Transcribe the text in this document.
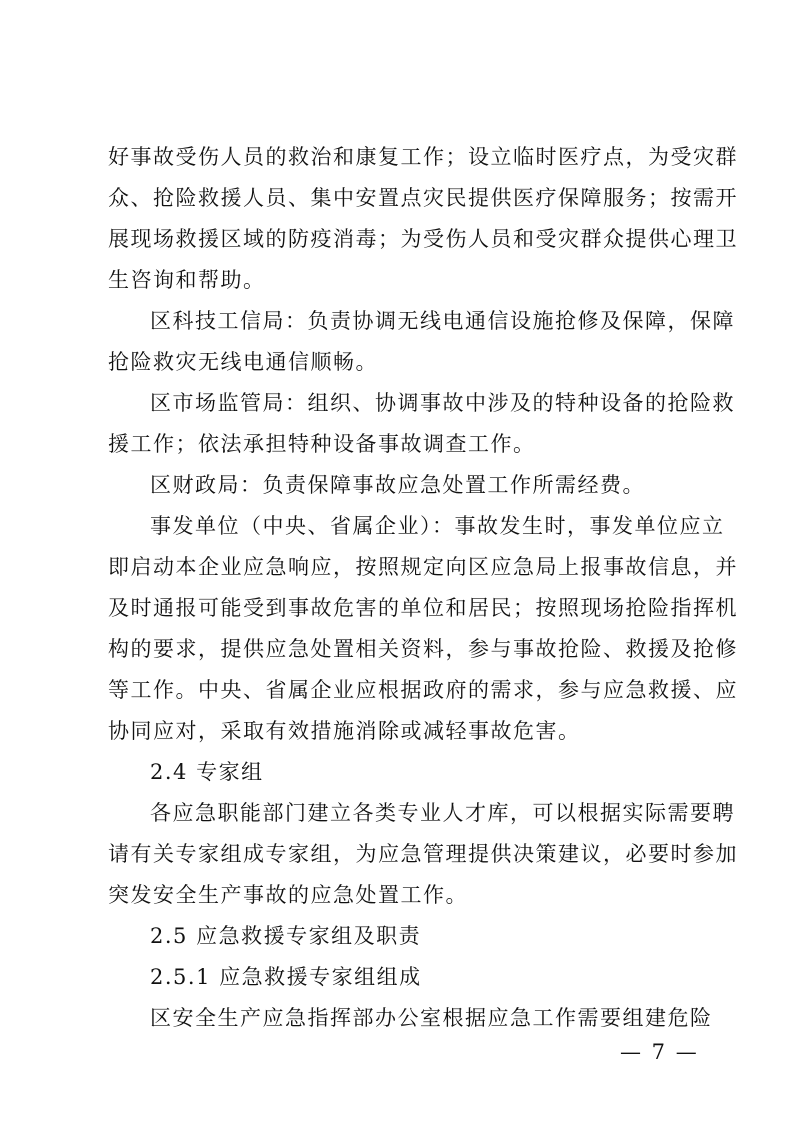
好事故受伤人员的救治和康复工作；设立临时医疗点，为受灾群

众、抢险救援人员、集中安置点灾民提供医疗保障服务；按需开

展现场救援区域的防疫消毒；为受伤人员和受灾群众提供心理卫

生咨询和帮助。

区科技工信局：负责协调无线电通信设施抢修及保障，保障

抢险救灾无线电通信顺畅。

区市场监管局：组织、协调事故中涉及的特种设备的抢险救

援工作；依法承担特种设备事故调查工作。

区财政局：负责保障事故应急处置工作所需经费。

事发单位（中央、省属企业）：事故发生时，事发单位应立

即启动本企业应急响应，按照规定向区应急局上报事故信息，并

及时通报可能受到事故危害的单位和居民；按照现场抢险指挥机

构的要求，提供应急处置相关资料，参与事故抢险、救援及抢修

等工作。中央、省属企业应根据政府的需求，参与应急救援、应

协同应对，采取有效措施消除或减轻事故危害。

2.4 专家组

各应急职能部门建立各类专业人才库，可以根据实际需要聘

请有关专家组成专家组，为应急管理提供决策建议，必要时参加

突发安全生产事故的应急处置工作。

2.5 应急救援专家组及职责

2.5.1 应急救援专家组组成

区安全生产应急指挥部办公室根据应急工作需要组建危险

— 7 —
